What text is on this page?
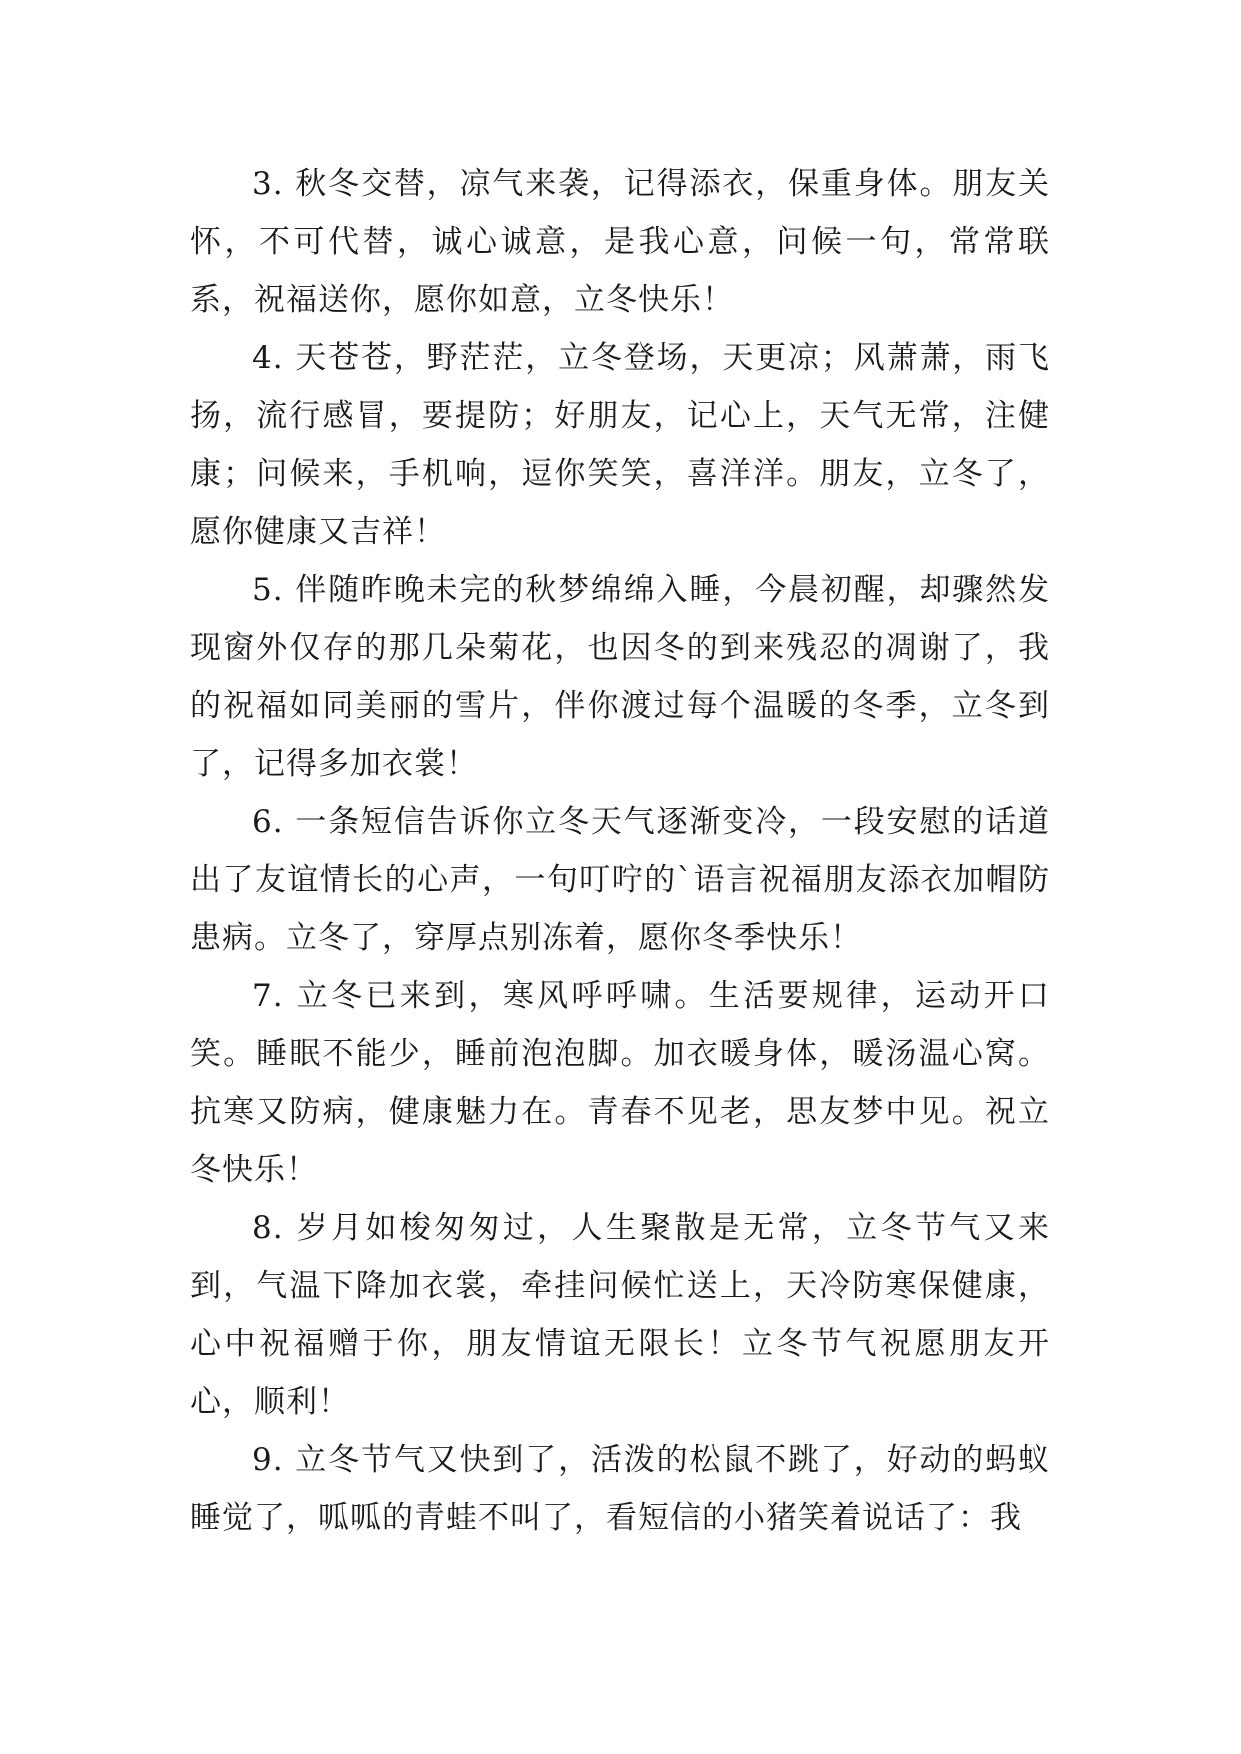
3. 秋冬交替，凉气来袭，记得添衣，保重身体。朋友关怀，不可代替，诚心诚意，是我心意，问候一句，常常联系，祝福送你，愿你如意，立冬快乐！

4. 天苍苍，野茫茫，立冬登场，天更凉；风萧萧，雨飞扬，流行感冒，要提防；好朋友，记心上，天气无常，注健康；问候来，手机响，逗你笑笑，喜洋洋。朋友，立冬了，愿你健康又吉祥！

5. 伴随昨晚未完的秋梦绵绵入睡，今晨初醒，却骤然发现窗外仅存的那几朵菊花，也因冬的到来残忍的凋谢了，我的祝福如同美丽的雪片，伴你渡过每个温暖的冬季，立冬到了，记得多加衣裳！

6. 一条短信告诉你立冬天气逐渐变冷，一段安慰的话道出了友谊情长的心声，一句叮咛的`语言祝福朋友添衣加帽防患病。立冬了，穿厚点别冻着，愿你冬季快乐！

7. 立冬已来到，寒风呼呼啸。生活要规律，运动开口笑。睡眠不能少，睡前泡泡脚。加衣暖身体，暖汤温心窝。抗寒又防病，健康魅力在。青春不见老，思友梦中见。祝立冬快乐！

8. 岁月如梭匆匆过，人生聚散是无常，立冬节气又来到，气温下降加衣裳，牵挂问候忙送上，天冷防寒保健康，心中祝福赠于你，朋友情谊无限长！立冬节气祝愿朋友开心，顺利！

9. 立冬节气又快到了，活泼的松鼠不跳了，好动的蚂蚁睡觉了，呱呱的青蛙不叫了，看短信的小猪笑着说话了：我
